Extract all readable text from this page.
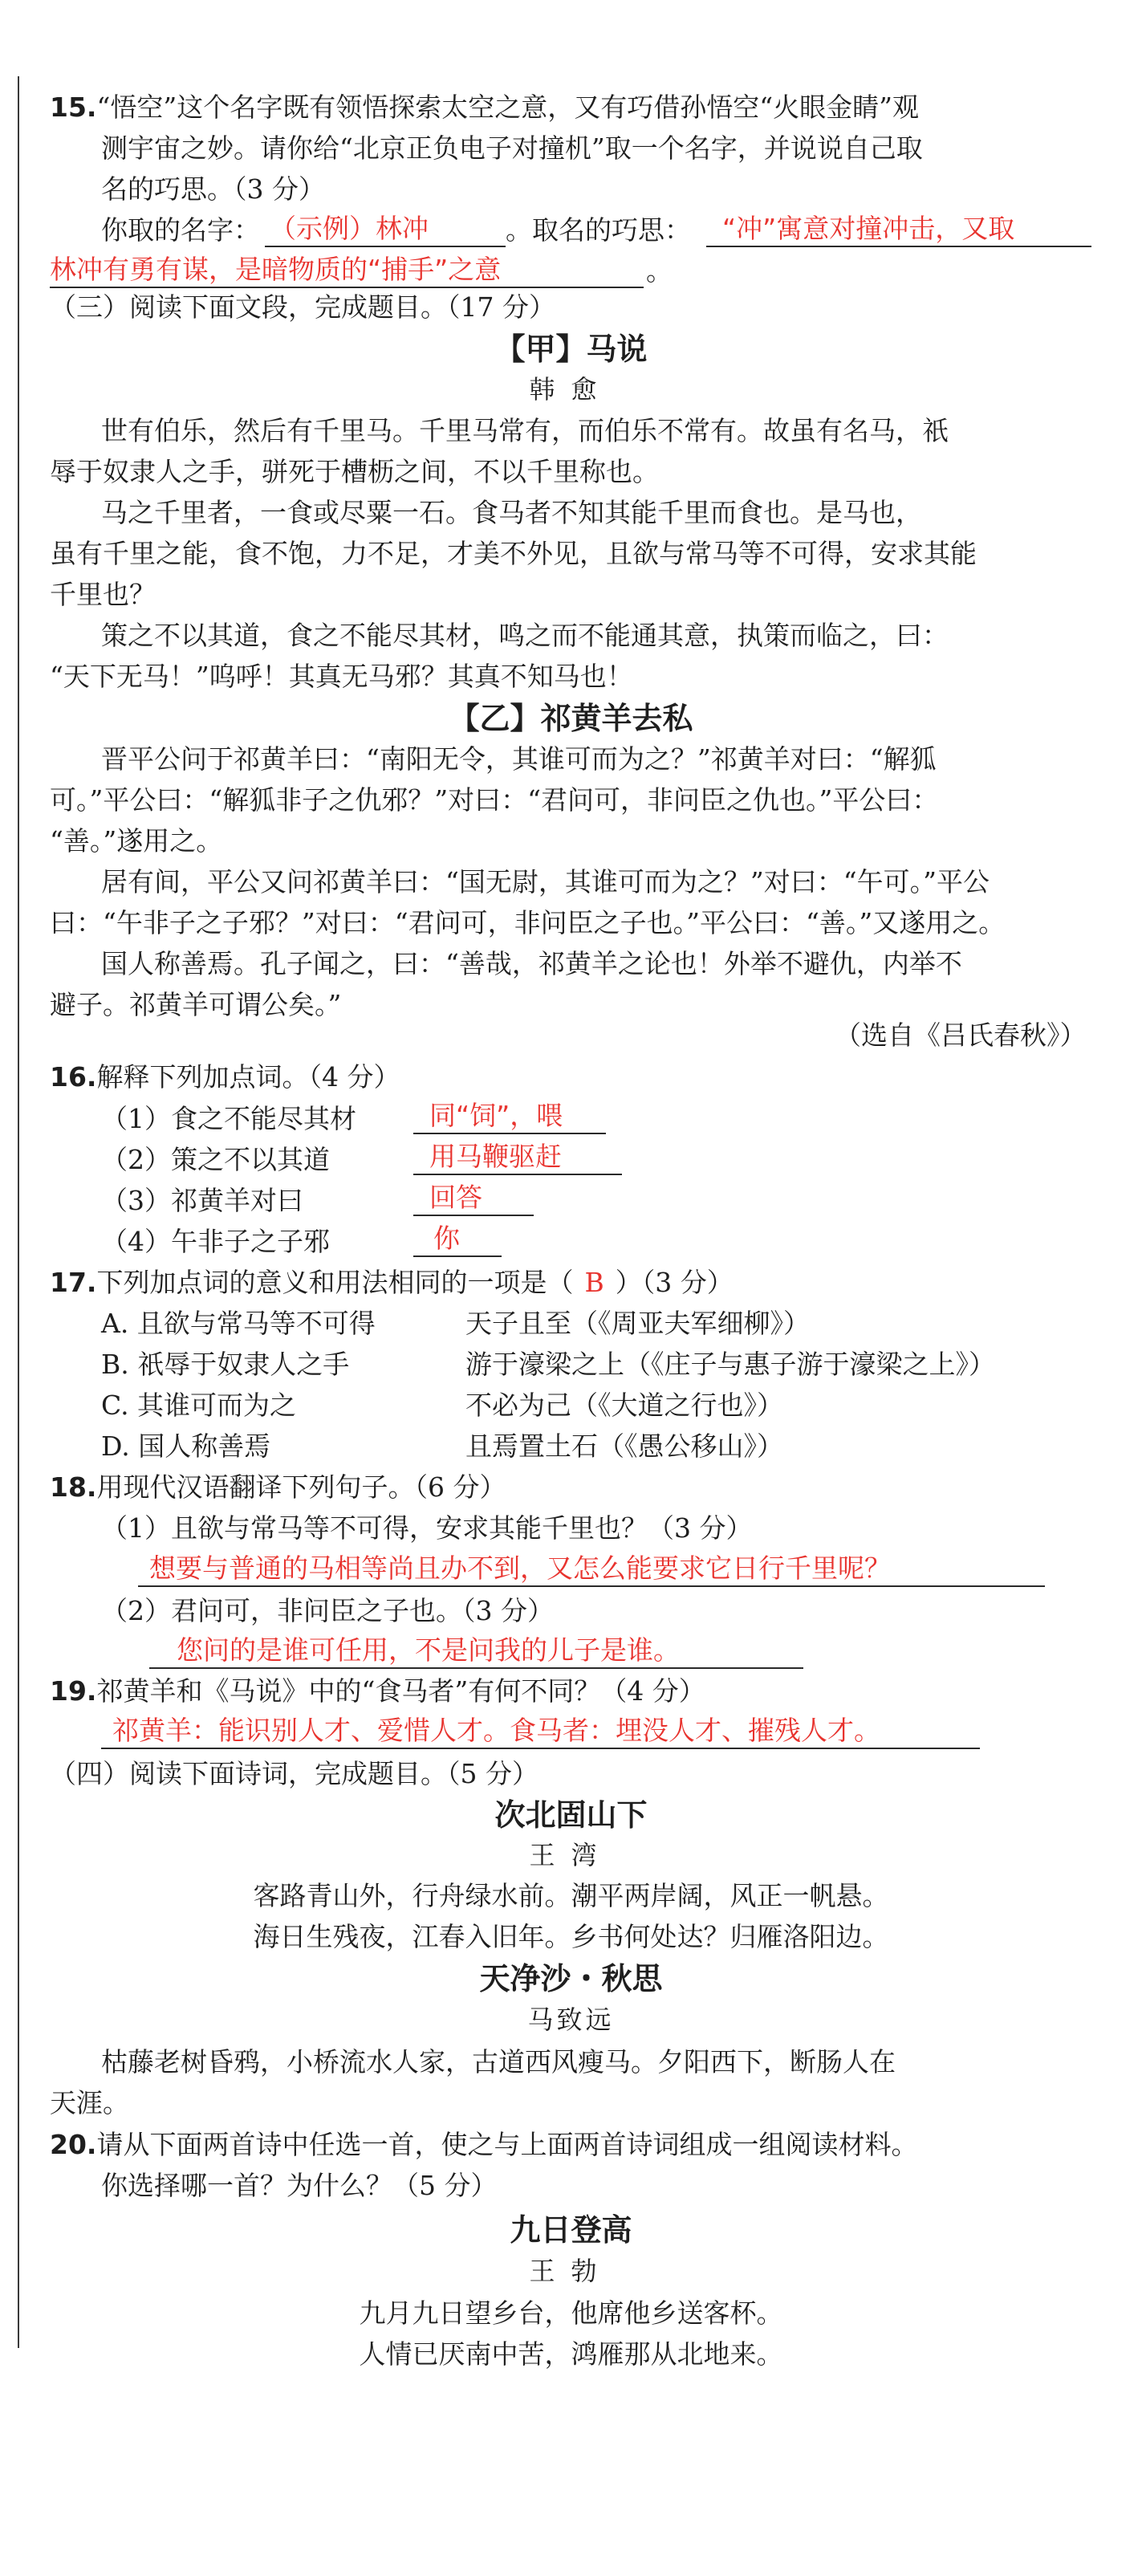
15.“悟空”这个名字既有领悟探索太空之意，又有巧借孙悟空“火眼金睛”观
测宇宙之妙。请你给“北京正负电子对撞机”取一个名字，并说说自己取
名的巧思。（3 分）
你取的名字： （示例）林冲	。取名的巧思： “冲”寓意对撞冲击，又取
林冲有勇有谋，是暗物质的“捕手”之意	。
（三）阅读下面文段，完成题目。（17 分）
【甲】马说
韩愈
世有伯乐，然后有千里马。千里马常有，而伯乐不常有。故虽有名马，祇
辱于奴隶人之手，骈死于槽枥之间，不以千里称也。
马之千里者，一食或尽粟一石。食马者不知其能千里而食也。是马也，
虽有千里之能，食不饱，力不足，才美不外见，且欲与常马等不可得，安求其能
千里也？
策之不以其道，食之不能尽其材，鸣之而不能通其意，执策而临之，曰：
“天下无马！”呜呼！其真无马邪？其真不知马也！
【乙】祁黄羊去私
晋平公问于祁黄羊曰：“南阳无令，其谁可而为之？”祁黄羊对曰：“解狐
可。”平公曰：“解狐非子之仇邪？”对曰：“君问可，非问臣之仇也。”平公曰：
“善。”遂用之。
居有间，平公又问祁黄羊曰：“国无尉，其谁可而为之？”对曰：“午可。”平公
曰：“午非子之子邪？”对曰：“君问可，非问臣之子也。”平公曰：“善。”又遂用之。
国人称善焉。孔子闻之，曰：“善哉，祁黄羊之论也！外举不避仇，内举不
避子。祁黄羊可谓公矣。”
（选自《吕氏春秋》）
16.解释下列加点词。（4 分）
（1）食之不能尽其材	同“饲”，喂
（2）策之不以其道	用马鞭驱赶
（3）祁黄羊对曰	回答
（4）午非子之子邪	你
17.下列加点词的意义和用法相同的一项是（ B ）（3 分）
A. 且欲与常马等不可得	天子且至（《周亚夫军细柳》）
B. 祇辱于奴隶人之手	游于濠梁之上（《庄子与惠子游于濠梁之上》）
C. 其谁可而为之	不必为己（《大道之行也》）
D. 国人称善焉	且焉置土石（《愚公移山》）
18.用现代汉语翻译下列句子。（6 分）
（1）且欲与常马等不可得，安求其能千里也？（3 分）
想要与普通的马相等尚且办不到，又怎么能要求它日行千里呢？
（2）君问可，非问臣之子也。（3 分）
您问的是谁可任用，不是问我的儿子是谁。
19.祁黄羊和《马说》中的“食马者”有何不同？（4 分）
祁黄羊：能识别人才、爱惜人才。食马者：埋没人才、摧残人才。
（四）阅读下面诗词，完成题目。（5 分）
次北固山下
王湾
客路青山外，行舟绿水前。潮平两岸阔，风正一帆悬。
海日生残夜，江春入旧年。乡书何处达？归雁洛阳边。
天净沙・秋思
马致远
枯藤老树昏鸦，小桥流水人家，古道西风瘦马。夕阳西下，断肠人在
天涯。
20.请从下面两首诗中任选一首，使之与上面两首诗词组成一组阅读材料。
你选择哪一首？为什么？（5 分）
九日登高
王勃
九月九日望乡台，他席他乡送客杯。
人情已厌南中苦，鸿雁那从北地来。
